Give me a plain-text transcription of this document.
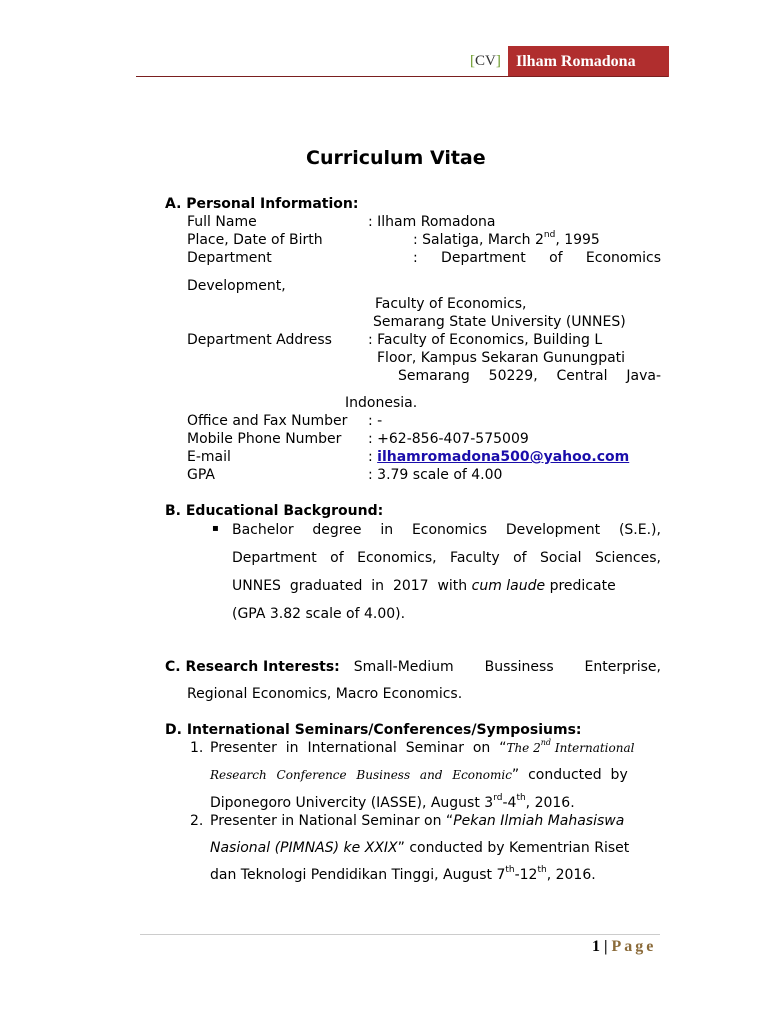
[CV] Ilham Romadona
Curriculum Vitae
A. Personal Information:
Full Name	: Ilham Romadona
Place, Date of Birth	: Salatiga, March 2nd, 1995
Department	: Department of Economics
Development,
Faculty of Economics,
Semarang State University (UNNES)
Department Address	: Faculty of Economics, Building L
Floor, Kampus Sekaran Gunungpati
Semarang 50229, Central Java-
Indonesia.
Office and Fax Number : -
Mobile Phone Number : +62-856-407-575009
E-mail	: ilhamromadona500@yahoo.com
GPA	: 3.79 scale of 4.00
B. Educational Background:
▪ Bachelor degree in Economics Development (S.E.),
Department of Economics, Faculty of Social Sciences,
UNNES  graduated  in  2017  with cum laude predicate
(GPA 3.82 scale of 4.00).
C. Research Interests: Small-Medium Bussiness Enterprise,
Regional Economics, Macro Economics.
D. International Seminars/Conferences/Symposiums:
1. Presenter  in  International  Seminar  on  “The 2nd International
Research Conference Business and Economic”  conducted  by
Diponegoro Univercity (IASSE), August 3rd-4th, 2016.
2. Presenter in National Seminar on “Pekan Ilmiah Mahasiswa
Nasional (PIMNAS) ke XXIX” conducted by Kementrian Riset
dan Teknologi Pendidikan Tinggi, August 7th-12th, 2016.
1 | Page
